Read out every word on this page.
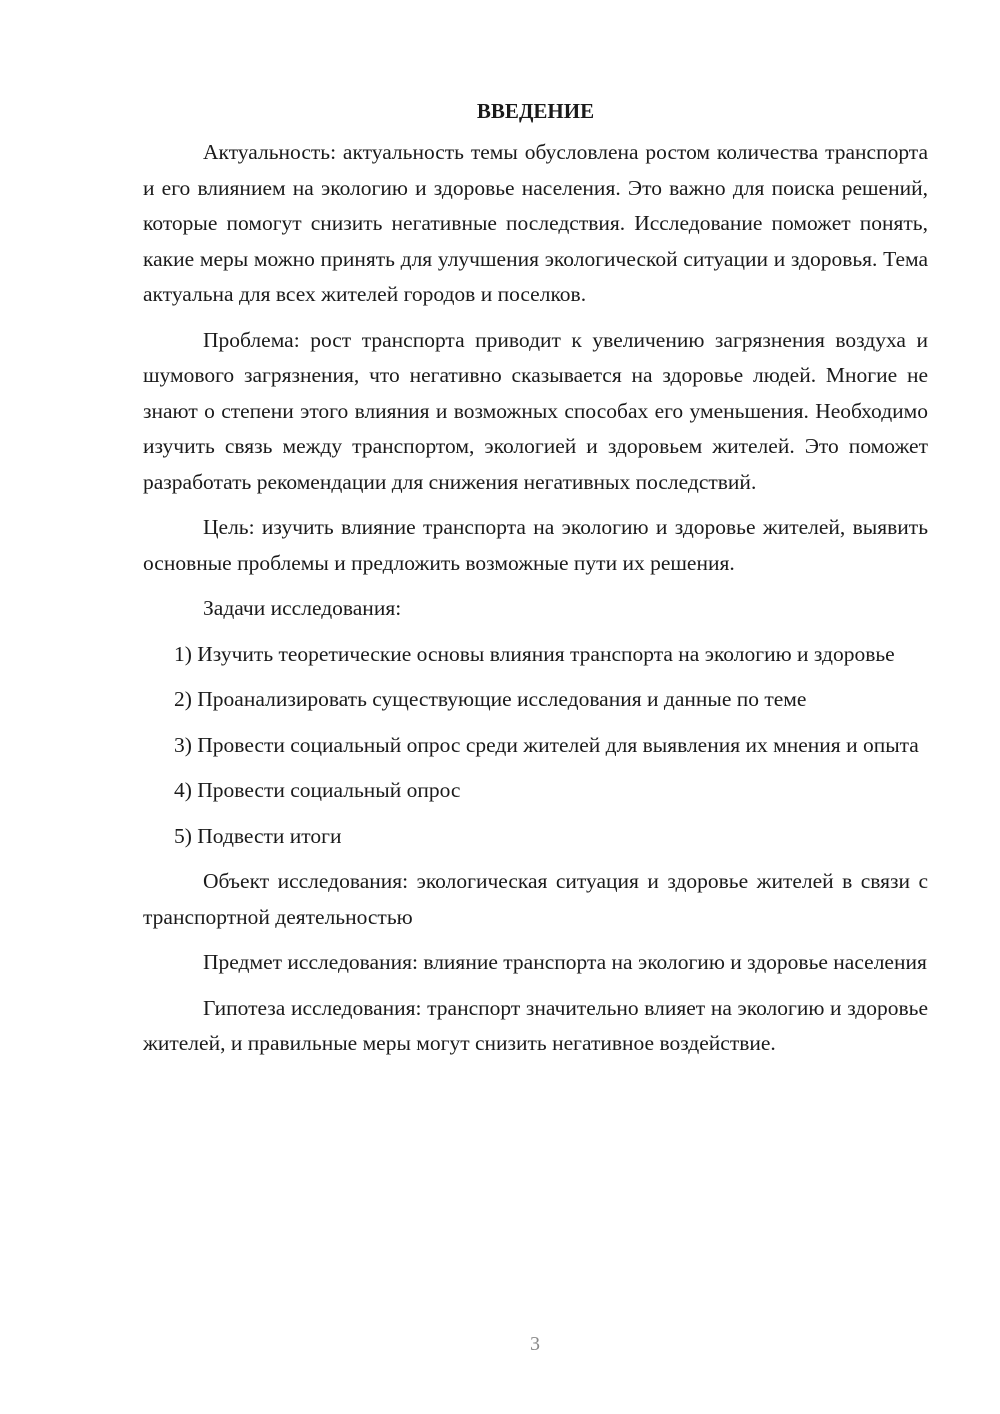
ВВЕДЕНИЕ

Актуальность: актуальность темы обусловлена ростом количества транспорта и его влиянием на экологию и здоровье населения. Это важно для поиска решений, которые помогут снизить негативные последствия. Исследование поможет понять, какие меры можно принять для улучшения экологической ситуации и здоровья. Тема актуальна для всех жителей городов и поселков.

Проблема: рост транспорта приводит к увеличению загрязнения воздуха и шумового загрязнения, что негативно сказывается на здоровье людей. Многие не знают о степени этого влияния и возможных способах его уменьшения. Необходимо изучить связь между транспортом, экологией и здоровьем жителей. Это поможет разработать рекомендации для снижения негативных последствий.

Цель: изучить влияние транспорта на экологию и здоровье жителей, выявить основные проблемы и предложить возможные пути их решения.

Задачи исследования:

1) Изучить теоретические основы влияния транспорта на экологию и здоровье

2) Проанализировать существующие исследования и данные по теме

3) Провести социальный опрос среди жителей для выявления их мнения и опыта

4) Провести социальный опрос

5) Подвести итоги

Объект исследования: экологическая ситуация и здоровье жителей в связи с транспортной деятельностью

Предмет исследования: влияние транспорта на экологию и здоровье населения

Гипотеза исследования: транспорт значительно влияет на экологию и здоровье жителей, и правильные меры могут снизить негативное воздействие.

3
